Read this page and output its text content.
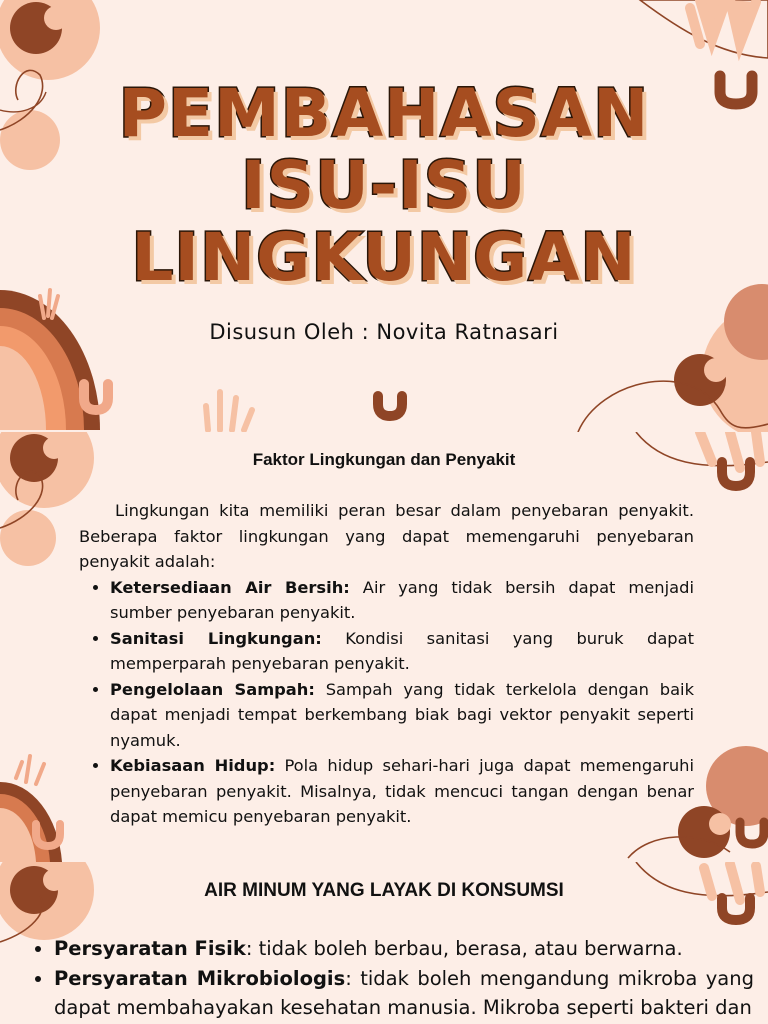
PEMBAHASAN
ISU-ISU
LINGKUNGAN
Disusun Oleh : Novita Ratnasari
Faktor Lingkungan dan Penyakit

Lingkungan kita memiliki peran besar dalam penyebaran penyakit. Beberapa faktor lingkungan yang dapat memengaruhi penyebaran penyakit adalah:

• Ketersediaan Air Bersih: Air yang tidak bersih dapat menjadi sumber penyebaran penyakit.
• Sanitasi Lingkungan: Kondisi sanitasi yang buruk dapat memperparah penyebaran penyakit.
• Pengelolaan Sampah: Sampah yang tidak terkelola dengan baik dapat menjadi tempat berkembang biak bagi vektor penyakit seperti nyamuk.
• Kebiasaan Hidup: Pola hidup sehari-hari juga dapat memengaruhi penyebaran penyakit. Misalnya, tidak mencuci tangan dengan benar dapat memicu penyebaran penyakit.
AIR MINUM YANG LAYAK DI KONSUMSI
• Persyaratan Fisik: tidak boleh berbau, berasa, atau berwarna.
• Persyaratan Mikrobiologis: tidak boleh mengandung mikroba yang dapat membahayakan kesehatan manusia. Mikroba seperti bakteri dan
